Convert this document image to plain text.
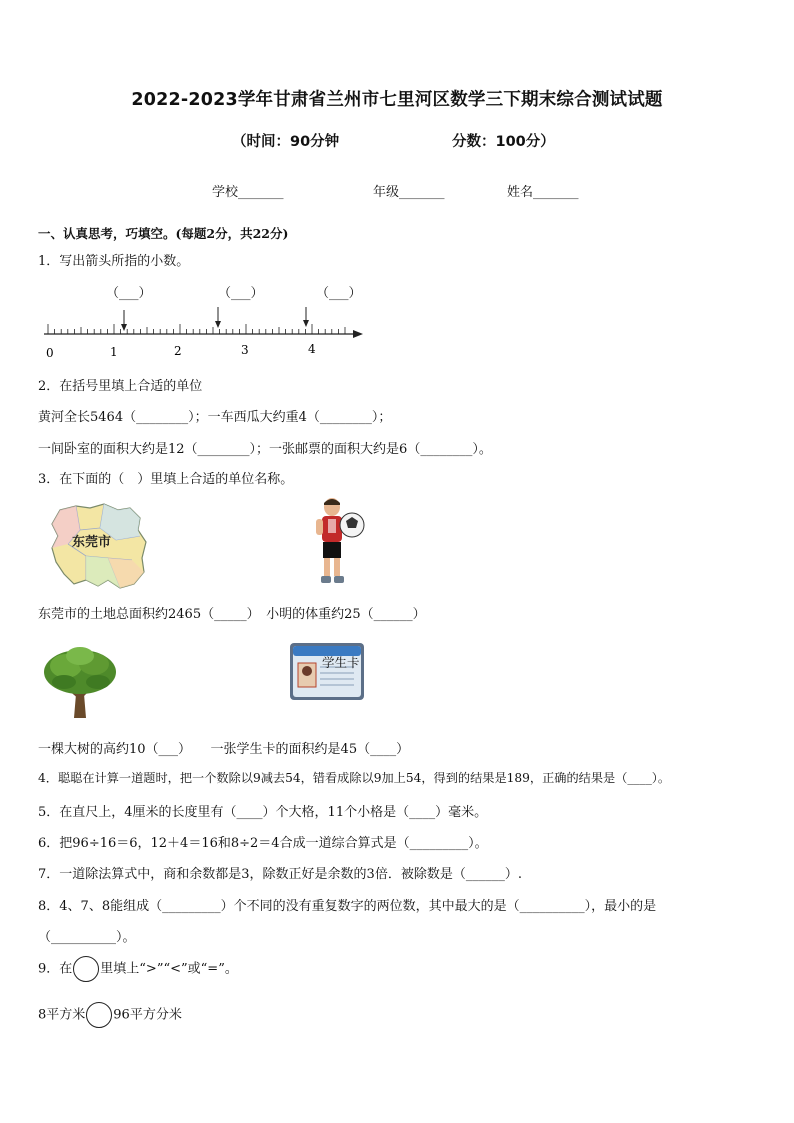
2022-2023学年甘肃省兰州市七里河区数学三下期末综合测试试题
（时间：90分钟	分数：100分）
学校_______	年级_______	姓名_______
一、认真思考，巧填空。(每题2分，共22分)
1．写出箭头所指的小数。
（___）	（___）	（___）
0	1	2	3	4
2．在括号里填上合适的单位
黄河全长5464（________）；一车西瓜大约重4（________）；
一间卧室的面积大约是12（________）；一张邮票的面积大约是6（________）。
3．在下面的（　）里填上合适的单位名称。
东莞市
东莞市的土地总面积约2465（_____）　小明的体重约25（______）
学生卡
一棵大树的高约10（___）　　一张学生卡的面积约是45（____）
4．聪聪在计算一道题时，把一个数除以9减去54，错看成除以9加上54，得到的结果是189，正确的结果是（____）。
5．在直尺上，4厘米的长度里有（____）个大格，11个小格是（____）毫米。
6．把96÷16＝6，12＋4＝16和8÷2＝4合成一道综合算式是（_________）。
7．一道除法算式中，商和余数都是3，除数正好是余数的3倍．被除数是（______）.
8．4、7、8能组成（_________）个不同的没有重复数字的两位数，其中最大的是（__________），最小的是
（__________）。
9．在 里填上“>”“<”或“=”。
8平方米 96平方分米
